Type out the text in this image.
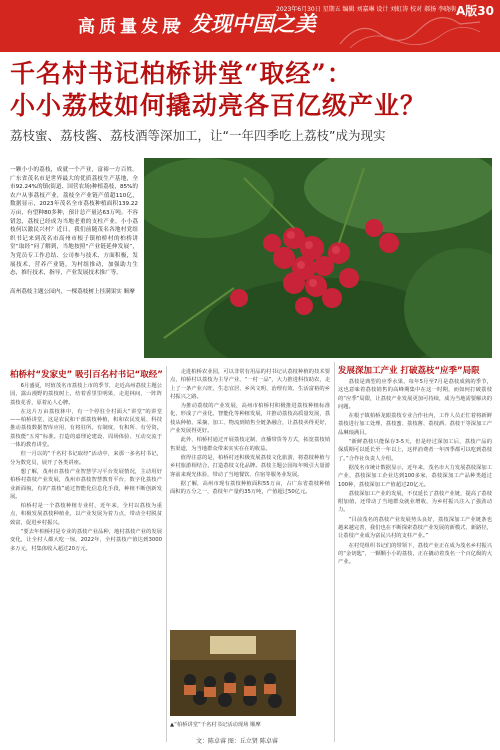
高质量发展
· 发现中国之美
2023年6月30日 星期五 编辑 刘嘉琳 设计 刘虹涛 校对 郝扬 李晓萌 A版30
千名村书记柏桥讲堂“取经”：
小小荔枝如何撬动亮各百亿级产业？
荔枝蜜、荔枝酱、荔枝酒等深加工，让“一年四季吃上荔枝”成为现实
一颗小小的荔枝，成就一个产业，富裕一方百姓。广东省茂名市是世界最大的优质荔枝生产基地，全市92.24%的镇(街道、国营农场)种植荔枝，85%的农户从事荔枝产业，荔枝全产业链产值超110亿，数据显示，2023年茂名全市荔枝种植面积139.22万亩，有望种80多种，预计总产量达63万吨。不容错忽，荔枝已经成为当地老重的支柱产业。小小荔枝何以激民兴村？近日，我们前随茂名各地村党组织书记来到茂名市高州市根子镇柏桥村的柏桥讲堂“取经”问了解到，当地按照“产业链延伸发展”，为党员专工作总结、公司参与技术、方面积极，发展技术，营养产业链，为村组推动，加强助力生态，推行技术，指导，产业发展技术推广等。
高州荔枝主题公园内，一棵荔枝树上挂满果实 顺摩
柏桥村“发家史” 吸引百名村书记“取经”	发展深加工产业 打破荔枝“应季”局限

6月盛夏，时值茂名市荔枝上市的季节，走近高州荔枝主题公园，露山漫野的荔枝树上，结着香里里明果，走进林间，一阵阵荔枝花香，原着沁人心脾。

在这片万亩荔枝林中，有一个停驻全村面大“讲堂”的讲堂——柏桥讲堂，这是农民和干部荔枝种植，积和农民发展、科技推动荔枝数据智库应用，有将驻所。有制度，有积所、有劳资。荔枝能“五常”标准。打造的嘉理论建设、周场体验、互动交流于一体的教育讲堂。

但一月以的“千名村书记取经”活动中，来那一多名村书记，分为数党员，展开了各类讲座。

想了解，茂州市荔枝产业智慧学习平台发展情况，主动用好柏桥村荔枝产业发展，茂州市荔枝智慧教育平台，数字化荔枝产业新面貌，有的“荔枝”通过智能化信息化手段，种植不断创新发展。

柏桥村是一个荔枝种植专业村，近年来，全村以荔枝为重点，积极发展荔枝种植业，以产业发展为着力点，带动全村脱贫致富，促进乡村振兴。

“要去年柏桥村是专业的荔枝产业品种，地村荔枝产业的发展变化，让全村人都大吃一惊，2022年，全村荔枝产值达到3000多万元，村集体收入超过20万元。

走进柏桥农业园，可以非常有用品的村书记认荔枝种植的技术要点，柏桥村以荔枝为主导产业，“一村一品”，大力推进科技助农，走上了一条产业兴旺、生态宜居、乡风文明、治理有效、生活富裕的乡村振兴之路。

为推动荔枝的产业发展，高州市柏桥村积极推进荔枝种植标准化，形成了产业化、智能化等种植发展，并推动荔枝高质量发展，荔枝从种植、采摘、加工、物流到销售全链条融合，让荔枝卖得更好，产业发展得更好。

此外，柏桥村通过开展荔枝定制、直播带货等方式，拓宽荔枝销售渠道，为当地群众带来实实在在的收益。

值得注意的是，柏桥村还积极发展荔枝文化旅游，将荔枝种植与乡村旅游相结合，打造荔枝文化品牌。荔枝主题公园每年吸引大量游客前来观光体验，带动了当地餐饮、住宿等服务业发展。

据了解，高州市现有荔枝种植面积55万亩，占广东省荔枝种植面积的五分之一，荔枝年产量约35万吨，产值超过50亿元。

荔枝是典型的应季水果，每年5月至7月是荔枝成熟的季节，这也意味着荔枝销售的高峰期集中在这一时期，而如何打破荔枝的“应季”局限，让荔枝产业发展更加可持续，成为当地需要解决的问题。

在根子镇柏桥龙眼荔枝专业合作社内，工作人员正忙着将新鲜荔枝进行加工处理，荔枝蜜、荔枝酱、荔枝酒、荔枝干等深加工产品琳琅满目。

“新鲜荔枝只能保存3-5天，但是经过深加工后，荔枝产品的保质期可以延长至一年以上，这样消费者一年四季都可以吃到荔枝了。”合作社负责人介绍。

据茂名市统计数据显示，近年来，茂名市大力发展荔枝深加工产业，荔枝深加工企业达到100多家，荔枝深加工产品种类超过100种，荔枝深加工产值超过20亿元。

荔枝深加工产业的发展，不仅延长了荔枝产业链，提高了荔枝附加值，还带动了当地群众就业增收，为乡村振兴注入了强劲动力。

“目前茂名的荔枝产业发展势头良好，荔枝深加工产业链条也越来越完善，我们也在不断探索荔枝产业发展的新模式、新路径，让荔枝产业成为富民兴村的支柱产业。”

在村党组织书记们的带领下，荔枝产业正在成为茂名乡村振兴的“金钥匙”，一颗颗小小的荔枝，正在撬动着茂名一个百亿级的大产业。

▲“柏桥讲堂”千名村书记活动现场 顺摩
文：陈卓睿 图：丘立贤 陈卓睿
